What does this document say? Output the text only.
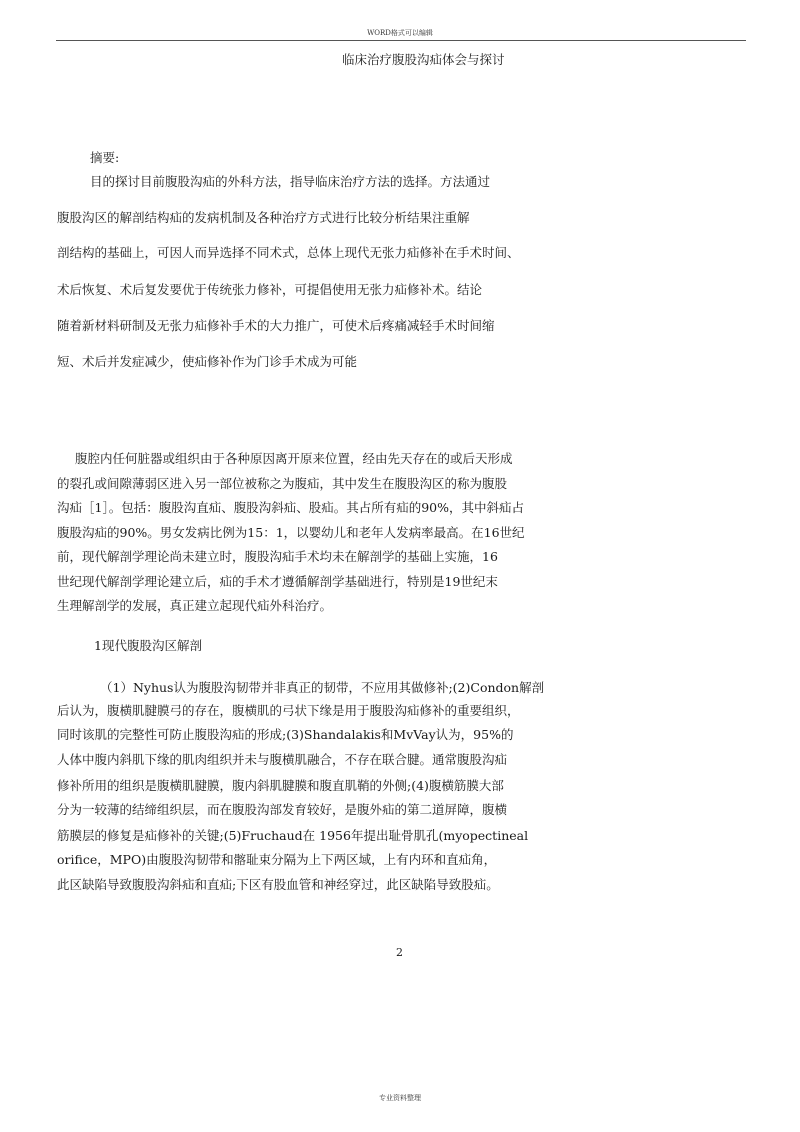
WORD格式可以编辑
临床治疗腹股沟疝体会与探讨
摘要:
目的探讨目前腹股沟疝的外科方法，指导临床治疗方法的选择。方法通过
腹股沟区的解剖结构疝的发病机制及各种治疗方式进行比较分析结果注重解
剖结构的基础上，可因人而异选择不同术式，总体上现代无张力疝修补在手术时间、
术后恢复、术后复发要优于传统张力修补，可提倡使用无张力疝修补术。结论
随着新材料研制及无张力疝修补手术的大力推广，可使术后疼痛减轻手术时间缩
短、术后并发症减少，使疝修补作为门诊手术成为可能
腹腔内任何脏器或组织由于各种原因离开原来位置，经由先天存在的或后天形成
的裂孔或间隙薄弱区进入另一部位被称之为腹疝，其中发生在腹股沟区的称为腹股
沟疝［1］。包括：腹股沟直疝、腹股沟斜疝、股疝。其占所有疝的90%，其中斜疝占
腹股沟疝的90%。男女发病比例为15：1，以婴幼儿和老年人发病率最高。在16世纪
前，现代解剖学理论尚未建立时，腹股沟疝手术均未在解剖学的基础上实施，16
世纪现代解剖学理论建立后，疝的手术才遵循解剖学基础进行，特别是19世纪末
生理解剖学的发展，真正建立起现代疝外科治疗。
1现代腹股沟区解剖
（1）Nyhus认为腹股沟韧带并非真正的韧带，不应用其做修补;(2)Condon解剖
后认为，腹横肌腱膜弓的存在，腹横肌的弓状下缘是用于腹股沟疝修补的重要组织，
同时该肌的完整性可防止腹股沟疝的形成;(3)Shandalakis和MvVay认为，95%的
人体中腹内斜肌下缘的肌肉组织并未与腹横肌融合，不存在联合腱。通常腹股沟疝
修补所用的组织是腹横肌腱膜，腹内斜肌腱膜和腹直肌鞘的外侧;(4)腹横筋膜大部
分为一较薄的结缔组织层，而在腹股沟部发育较好，是腹外疝的第二道屏障，腹横
筋膜层的修复是疝修补的关键;(5)Fruchaud在 1956年提出耻骨肌孔(myopectineal
orifice，MPO)由腹股沟韧带和髂耻束分隔为上下两区域，上有内环和直疝角，
此区缺陷导致腹股沟斜疝和直疝;下区有股血管和神经穿过，此区缺陷导致股疝。
2
专业资料整理
